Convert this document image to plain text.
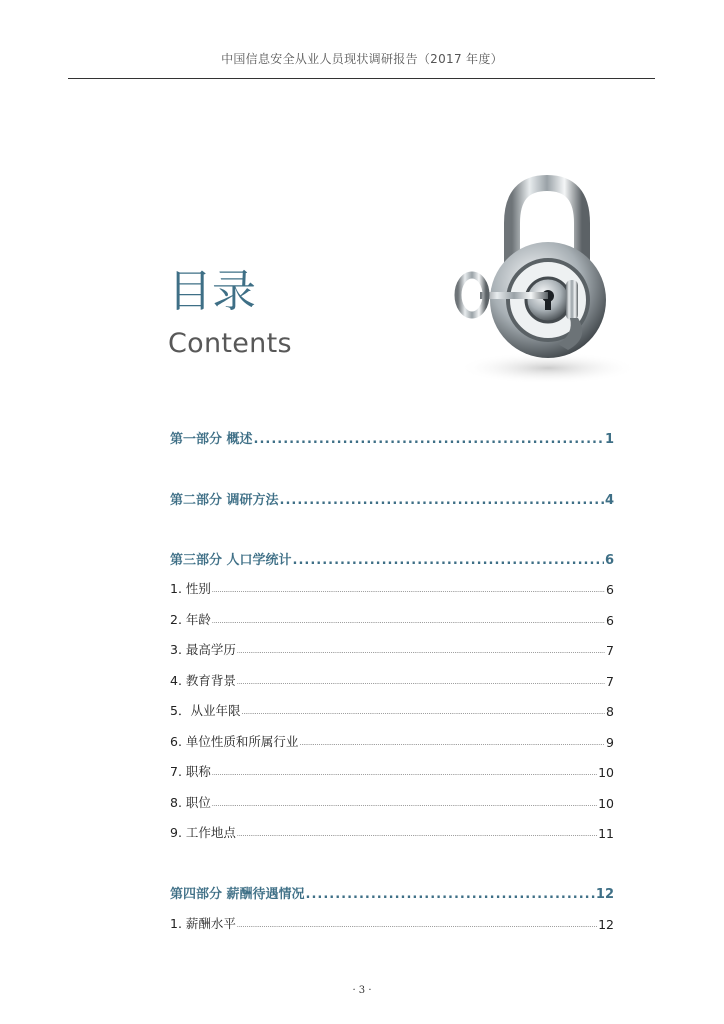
中国信息安全从业人员现状调研报告（2017 年度）
目录
Contents
第一部分 概述 .....	1
第二部分 调研方法 .....	4
第三部分 人口学统计 .....	6
1. 性别 .....	6
2. 年龄 .....	6
3. 最高学历 .....	7
4. 教育背景 .....	7
5．从业年限 .....	8
6. 单位性质和所属行业 .....	9
7. 职称 .....	10
8. 职位 .....	10
9. 工作地点 .....	11
第四部分 薪酬待遇情况 .....	12
1. 薪酬水平 .....	12
· 3 ·
